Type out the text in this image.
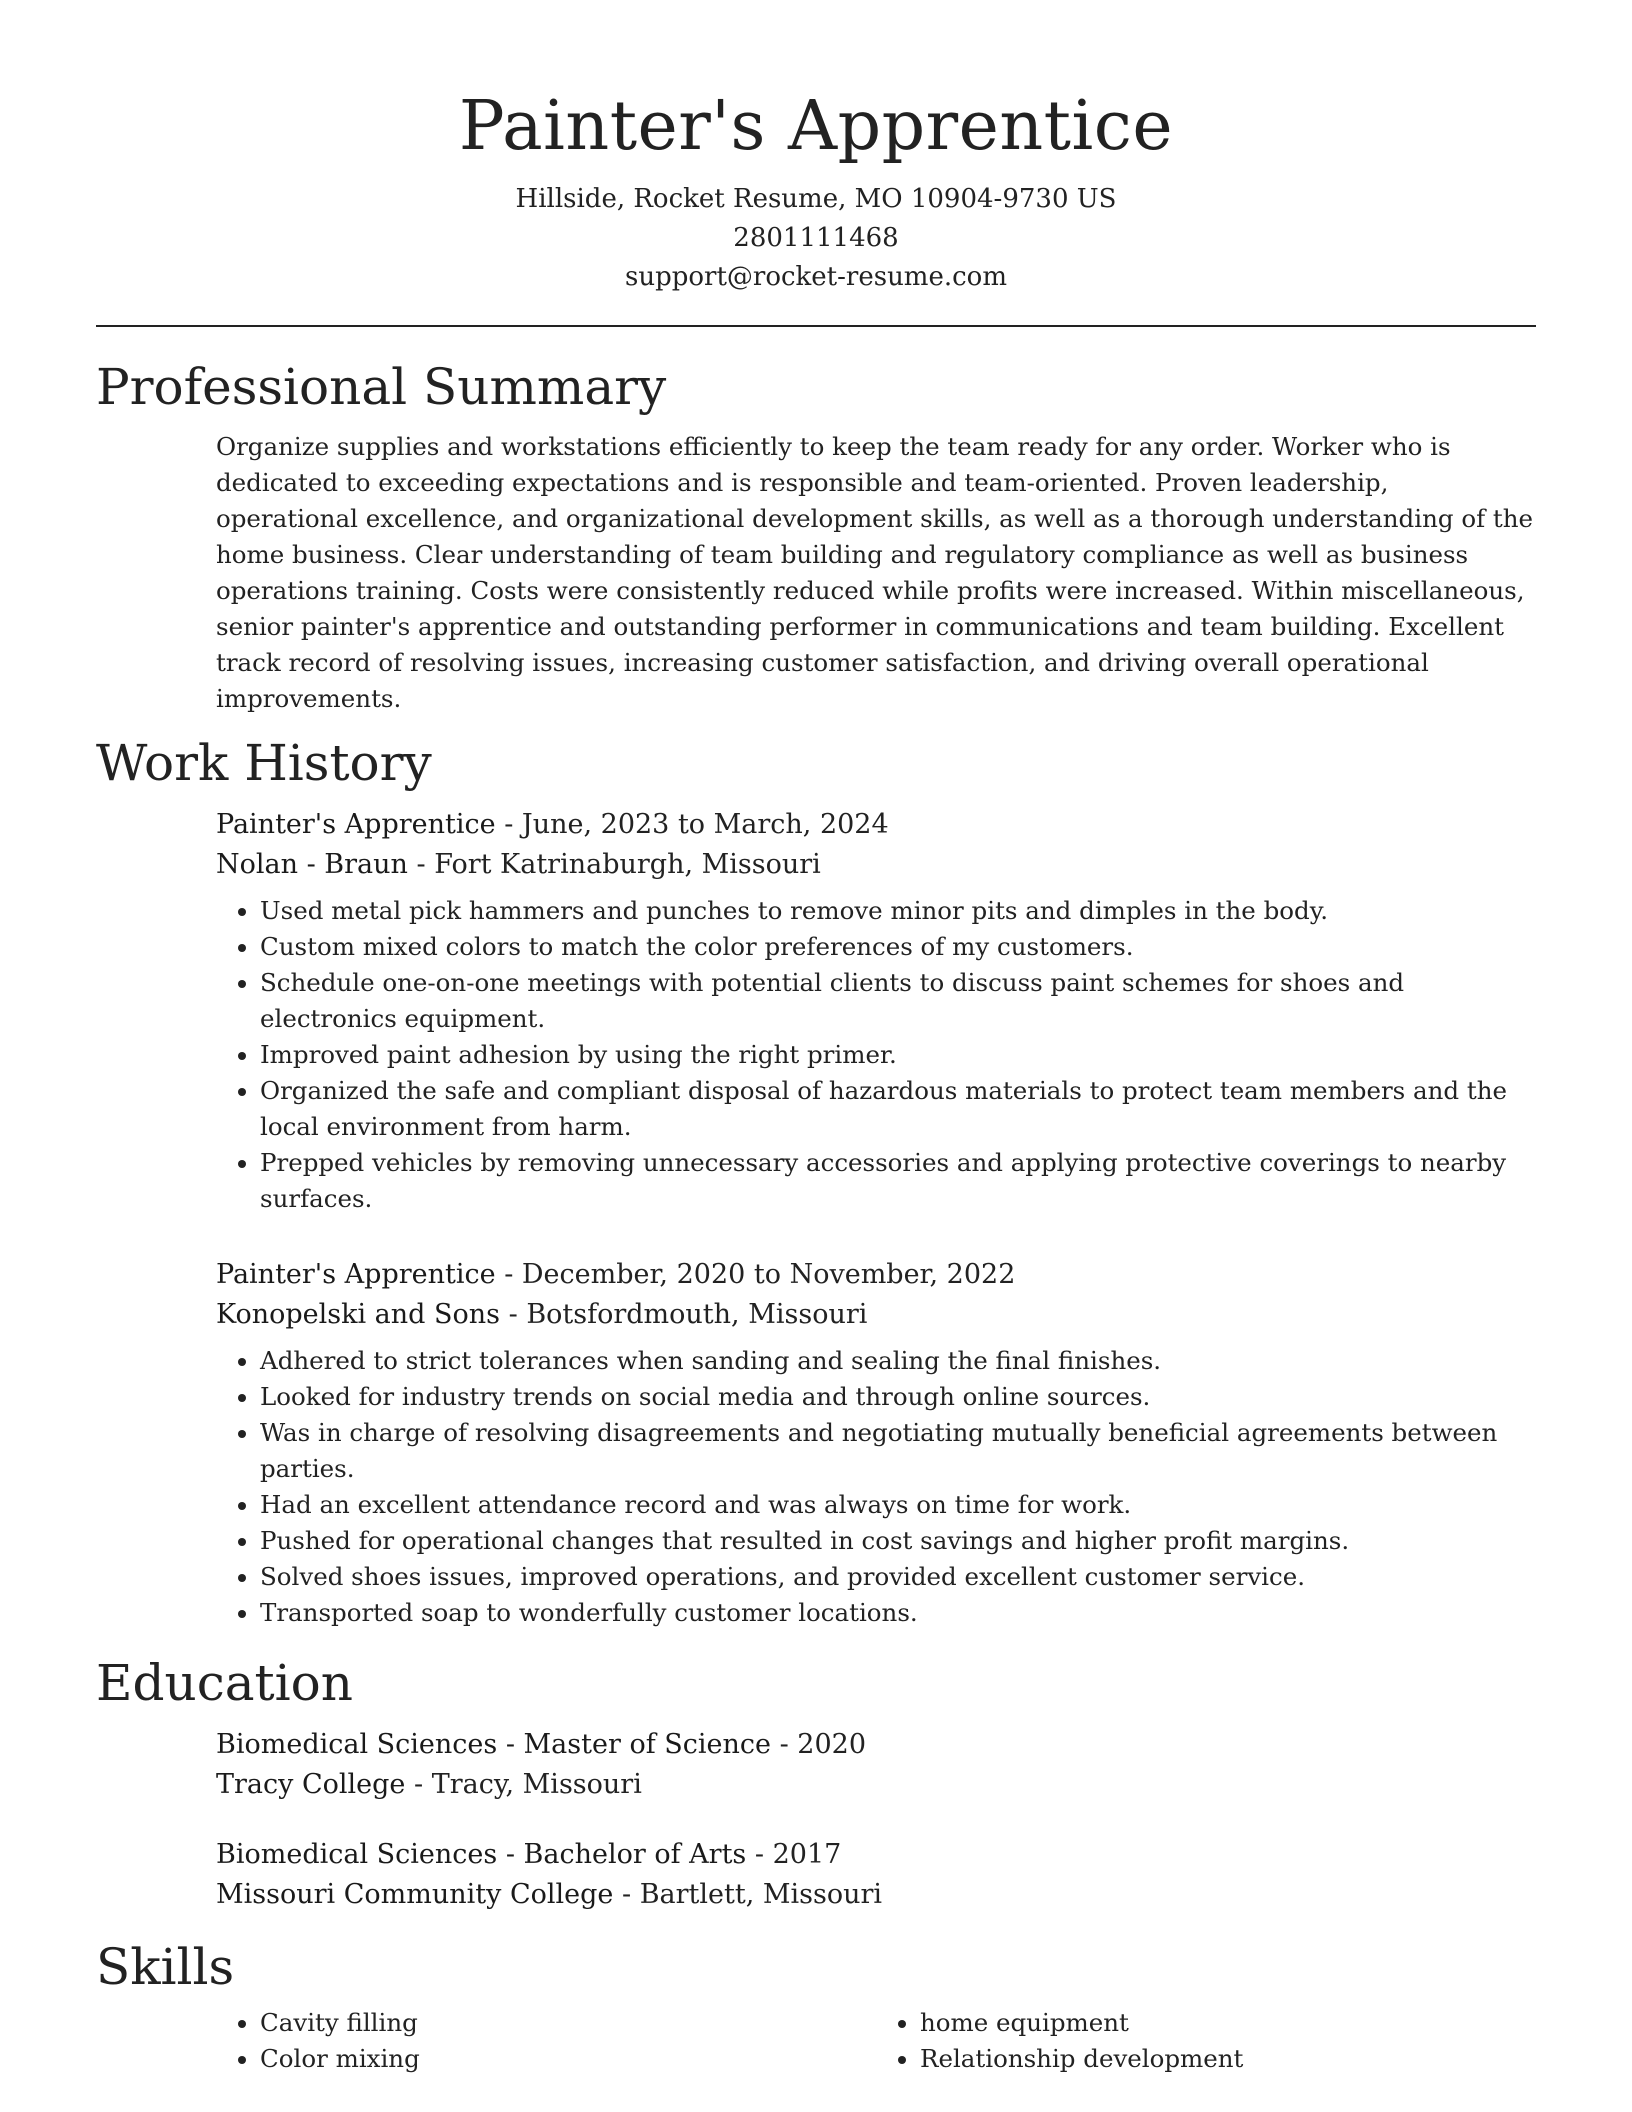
Painter's Apprentice
Hillside, Rocket Resume, MO 10904-9730 US
2801111468
support@rocket-resume.com
Professional Summary

Organize supplies and workstations efficiently to keep the team ready for any order. Worker who is dedicated to exceeding expectations and is responsible and team-oriented. Proven leadership, operational excellence, and organizational development skills, as well as a thorough understanding of the home business. Clear understanding of team building and regulatory compliance as well as business operations training. Costs were consistently reduced while profits were increased. Within miscellaneous, senior painter's apprentice and outstanding performer in communications and team building. Excellent track record of resolving issues, increasing customer satisfaction, and driving overall operational improvements.

Work History
Painter's Apprentice - June, 2023 to March, 2024
Nolan - Braun - Fort Katrinaburgh, Missouri
• Used metal pick hammers and punches to remove minor pits and dimples in the body.
• Custom mixed colors to match the color preferences of my customers.
• Schedule one-on-one meetings with potential clients to discuss paint schemes for shoes and electronics equipment.
• Improved paint adhesion by using the right primer.
• Organized the safe and compliant disposal of hazardous materials to protect team members and the local environment from harm.
• Prepped vehicles by removing unnecessary accessories and applying protective coverings to nearby surfaces.
Painter's Apprentice - December, 2020 to November, 2022
Konopelski and Sons - Botsfordmouth, Missouri
• Adhered to strict tolerances when sanding and sealing the final finishes.
• Looked for industry trends on social media and through online sources.
• Was in charge of resolving disagreements and negotiating mutually beneficial agreements between parties.
• Had an excellent attendance record and was always on time for work.
• Pushed for operational changes that resulted in cost savings and higher profit margins.
• Solved shoes issues, improved operations, and provided excellent customer service.
• Transported soap to wonderfully customer locations.
Education
Biomedical Sciences - Master of Science - 2020
Tracy College - Tracy, Missouri
Biomedical Sciences - Bachelor of Arts - 2017
Missouri Community College - Bartlett, Missouri
Skills
• Cavity filling
• Color mixing
• home equipment
• Relationship development
